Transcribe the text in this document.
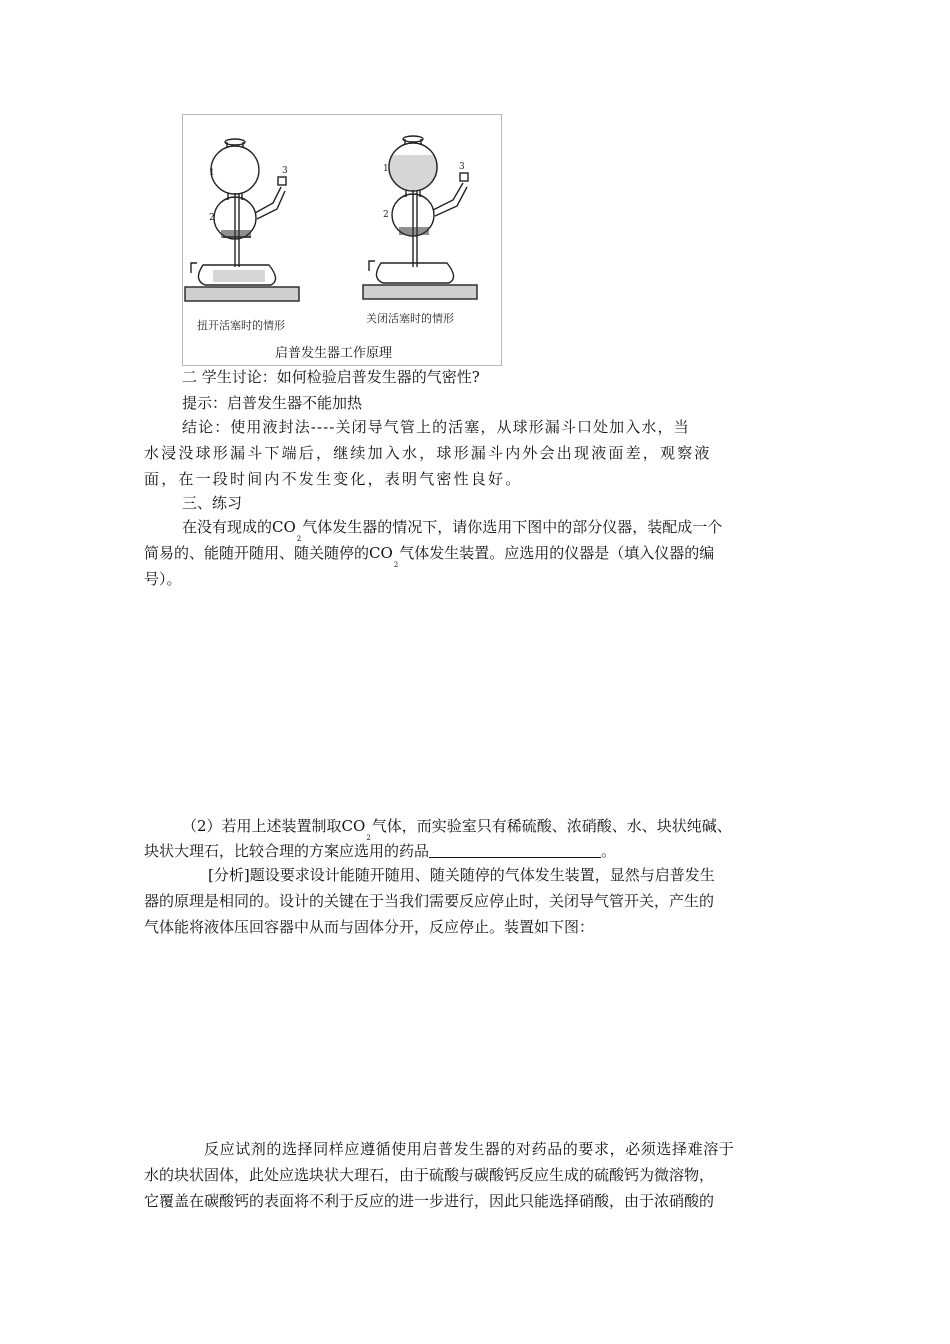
1
2
3	1
2
3
扭开活塞时的情形
关闭活塞时的情形
启普发生器工作原理
二 学生讨论：如何检验启普发生器的气密性?
提示：启普发生器不能加热
结论：使用液封法----关闭导气管上的活塞，从球形漏斗口处加入水，当
水浸没球形漏斗下端后，继续加入水，球形漏斗内外会出现液面差，观察液
面，在一段时间内不发生变化，表明气密性良好。
三、练习
在没有现成的$CO_2$气体发生器的情况下，请你选用下图中的部分仪器，装配成一个
简易的、能随开随用、随关随停的$CO_2$气体发生装置。应选用的仪器是（填入仪器的编
号）。
（2）若用上述装置制取$CO_2$气体，而实验室只有稀硫酸、浓硝酸、水、块状纯碱、
块状大理石，比较合理的方案应选用的药品	。
[分析]题设要求设计能随开随用、随关随停的气体发生装置，显然与启普发生
器的原理是相同的。设计的关键在于当我们需要反应停止时，关闭导气管开关，产生的
气体能将液体压回容器中从而与固体分开，反应停止。装置如下图：
反应试剂的选择同样应遵循使用启普发生器的对药品的要求，必须选择难溶于
水的块状固体，此处应选块状大理石，由于硫酸与碳酸钙反应生成的硫酸钙为微溶物，
它覆盖在碳酸钙的表面将不利于反应的进一步进行，因此只能选择硝酸，由于浓硝酸的
